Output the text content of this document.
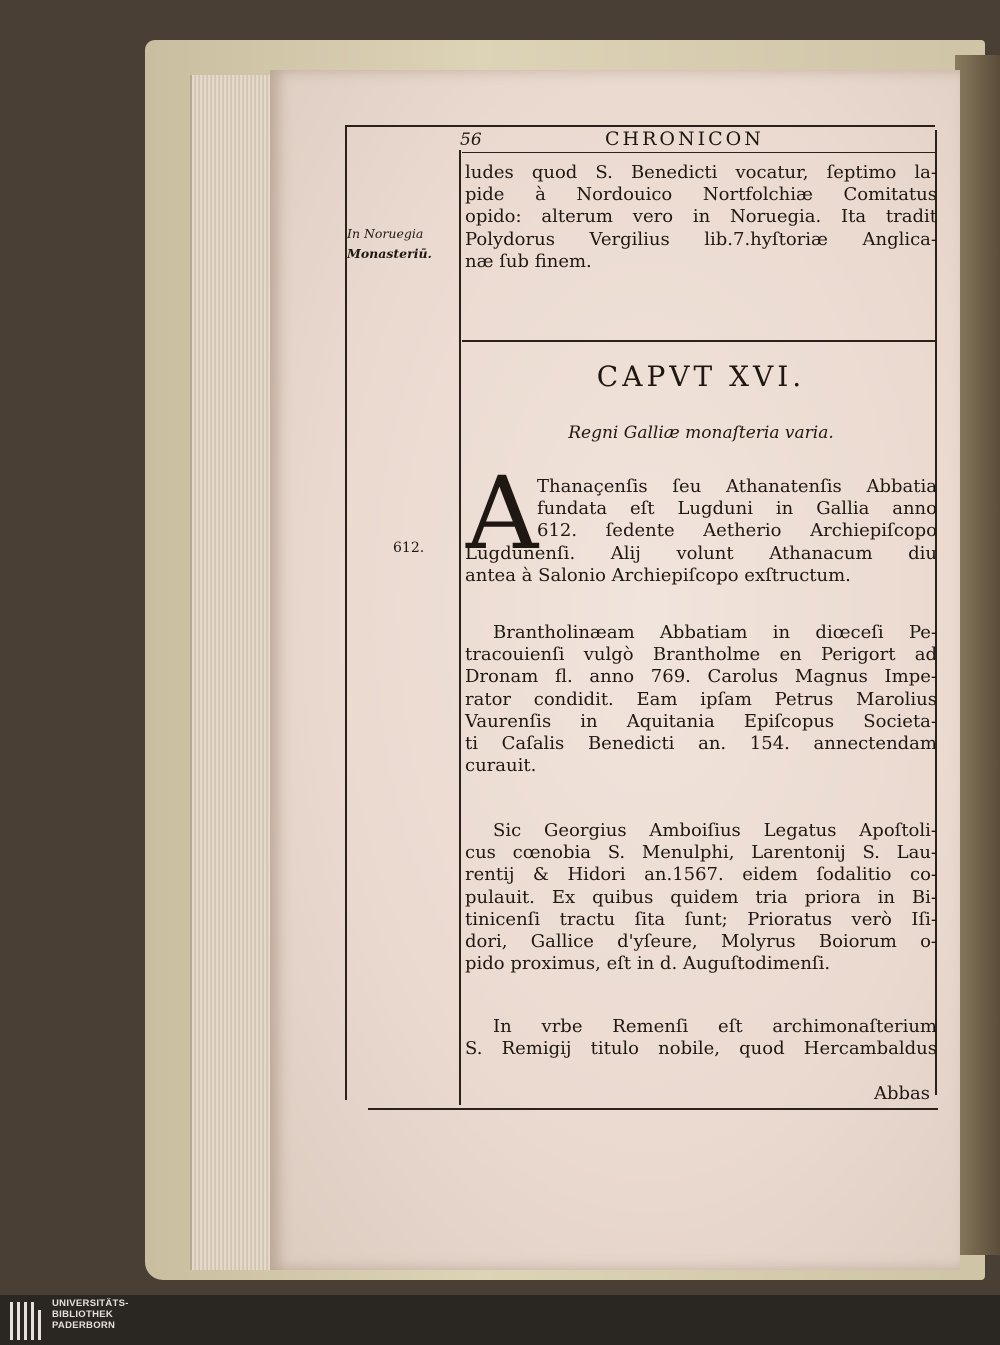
56	CHRONICON
In Noruegia
Monasteriū.
612.
ludes quod S. Benedicti vocatur, ſeptimo la-
pide à Nordouico Nortfolchiæ Comitatus
opido: alterum vero in Noruegia. Ita tradit
Polydorus Vergilius lib.7.hyſtoriæ Anglica-
næ ſub finem.
CAPVT XVI.
Regni Galliæ monaſteria varia.
A
Thanaçenſis ſeu Athanatenſis Abbatia
fundata eſt Lugduni in Gallia anno
612. ſedente Aetherio Archiepiſcopo
Lugdunenſi. Alij volunt Athanacum diu
antea à Salonio Archiepiſcopo exſtructum.
Brantholinæam Abbatiam in diœceſi Pe-
tracouienſi vulgò Brantholme en Perigort ad
Dronam fl. anno 769. Carolus Magnus Impe-
rator condidit. Eam ipſam Petrus Marolius
Vaurenſis in Aquitania Epiſcopus Societa-
ti Caſalis Benedicti an. 154. annectendam
curauit.
Sic Georgius Amboiſius Legatus Apoſtoli-
cus cœnobia S. Menulphi, Larentonij S. Lau-
rentij & Hidori an.1567. eidem ſodalitio co-
pulauit. Ex quibus quidem tria priora in Bi-
tinicenſi tractu ſita ſunt; Prioratus verò Iſi-
dori, Gallice d'yſeure, Molyrus Boiorum o-
pido proximus, eſt in d. Auguſtodimenſi.
In vrbe Remenſi eſt archimonaſterium
S. Remigij titulo nobile, quod Hercambaldus
Abbas
UNIVERSITÄTS-
BIBLIOTHEK
PADERBORN
